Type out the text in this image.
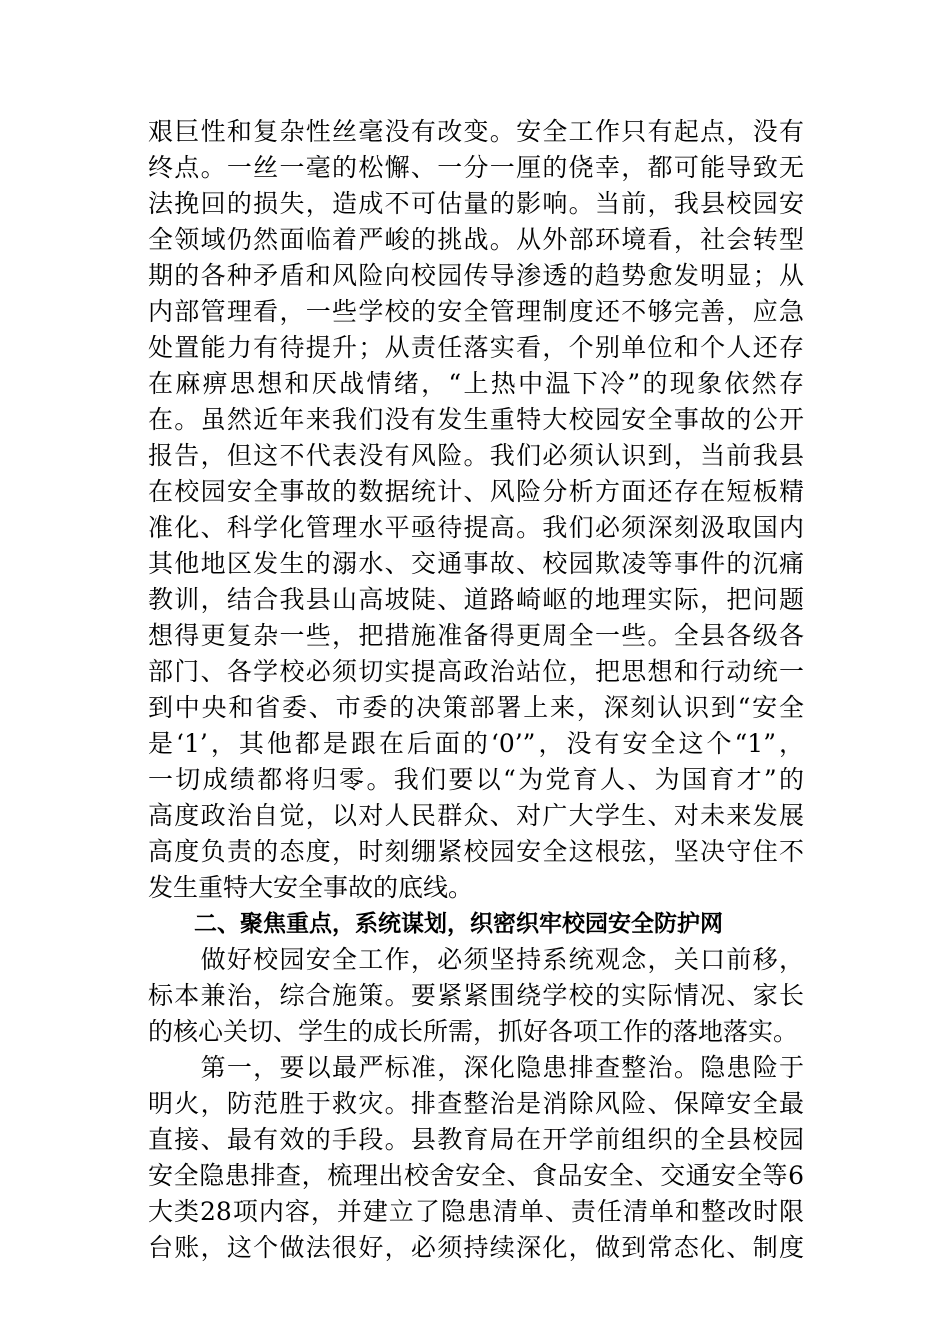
艰巨性和复杂性丝毫没有改变。安全工作只有起点，没有
终点。一丝一毫的松懈、一分一厘的侥幸，都可能导致无
法挽回的损失，造成不可估量的影响。当前，我县校园安
全领域仍然面临着严峻的挑战。从外部环境看，社会转型
期的各种矛盾和风险向校园传导渗透的趋势愈发明显；从
内部管理看，一些学校的安全管理制度还不够完善，应急
处置能力有待提升；从责任落实看，个别单位和个人还存
在麻痹思想和厌战情绪，“上热中温下冷”的现象依然存
在。虽然近年来我们没有发生重特大校园安全事故的公开
报告，但这不代表没有风险。我们必须认识到，当前我县
在校园安全事故的数据统计、风险分析方面还存在短板精
准化、科学化管理水平亟待提高。我们必须深刻汲取国内
其他地区发生的溺水、交通事故、校园欺凌等事件的沉痛
教训，结合我县山高坡陡、道路崎岖的地理实际，把问题
想得更复杂一些，把措施准备得更周全一些。全县各级各
部门、各学校必须切实提高政治站位，把思想和行动统一
到中央和省委、市委的决策部署上来，深刻认识到“安全
是‘1’，其他都是跟在后面的‘0’”，没有安全这个“1”，
一切成绩都将归零。我们要以“为党育人、为国育才”的
高度政治自觉，以对人民群众、对广大学生、对未来发展
高度负责的态度，时刻绷紧校园安全这根弦，坚决守住不
发生重特大安全事故的底线。
二、聚焦重点，系统谋划，织密织牢校园安全防护网
　　做好校园安全工作，必须坚持系统观念，关口前移，
标本兼治，综合施策。要紧紧围绕学校的实际情况、家长
的核心关切、学生的成长所需，抓好各项工作的落地落实。
　　第一，要以最严标准，深化隐患排查整治。隐患险于
明火，防范胜于救灾。排查整治是消除风险、保障安全最
直接、最有效的手段。县教育局在开学前组织的全县校园
安全隐患排查，梳理出校舍安全、食品安全、交通安全等6
大类28项内容，并建立了隐患清单、责任清单和整改时限
台账，这个做法很好，必须持续深化，做到常态化、制度
